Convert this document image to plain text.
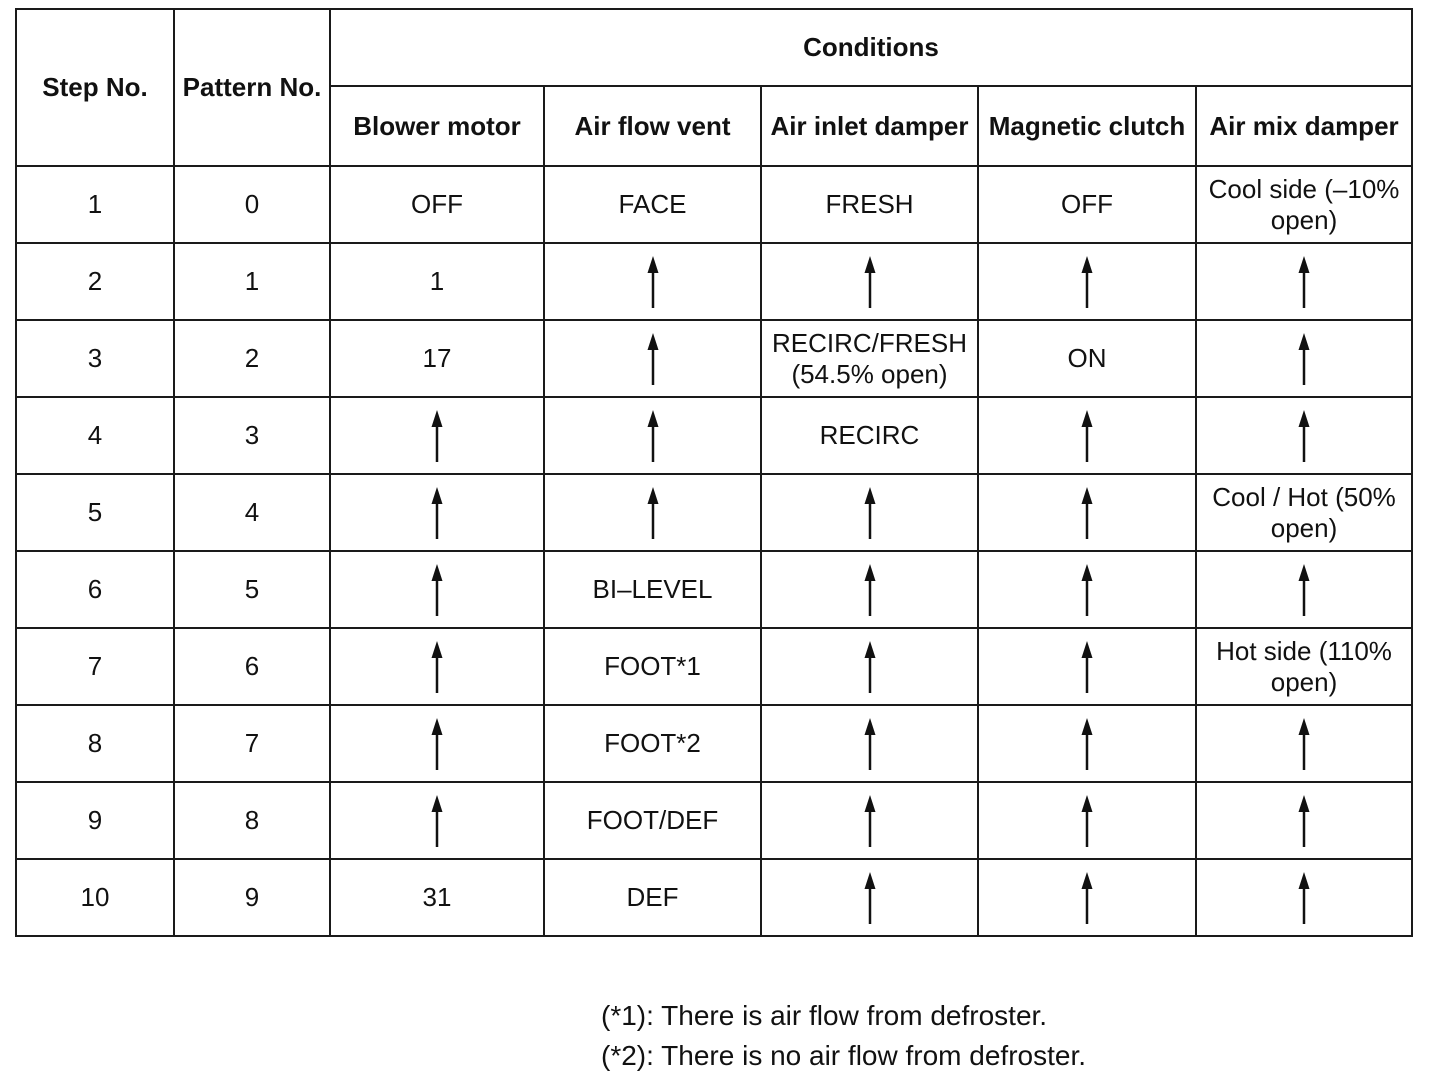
Step No.	Pattern No.	Conditions				
		Blower motor	Air flow vent	Air inlet damper	Magnetic clutch	Air mix damper
1	0	OFF	FACE	FRESH	OFF	Cool side (–10% open)
2	1	1				
3	2	17		RECIRC/FRESH (54.5% open)	ON	
4	3			RECIRC		
5	4					Cool / Hot (50% open)
6	5		BI–LEVEL			
7	6		FOOT*1			Hot side (110% open)
8	7		FOOT*2			
9	8		FOOT/DEF			
10	9	31	DEF			
(*1): There is air flow from defroster.
(*2): There is no air flow from defroster.
